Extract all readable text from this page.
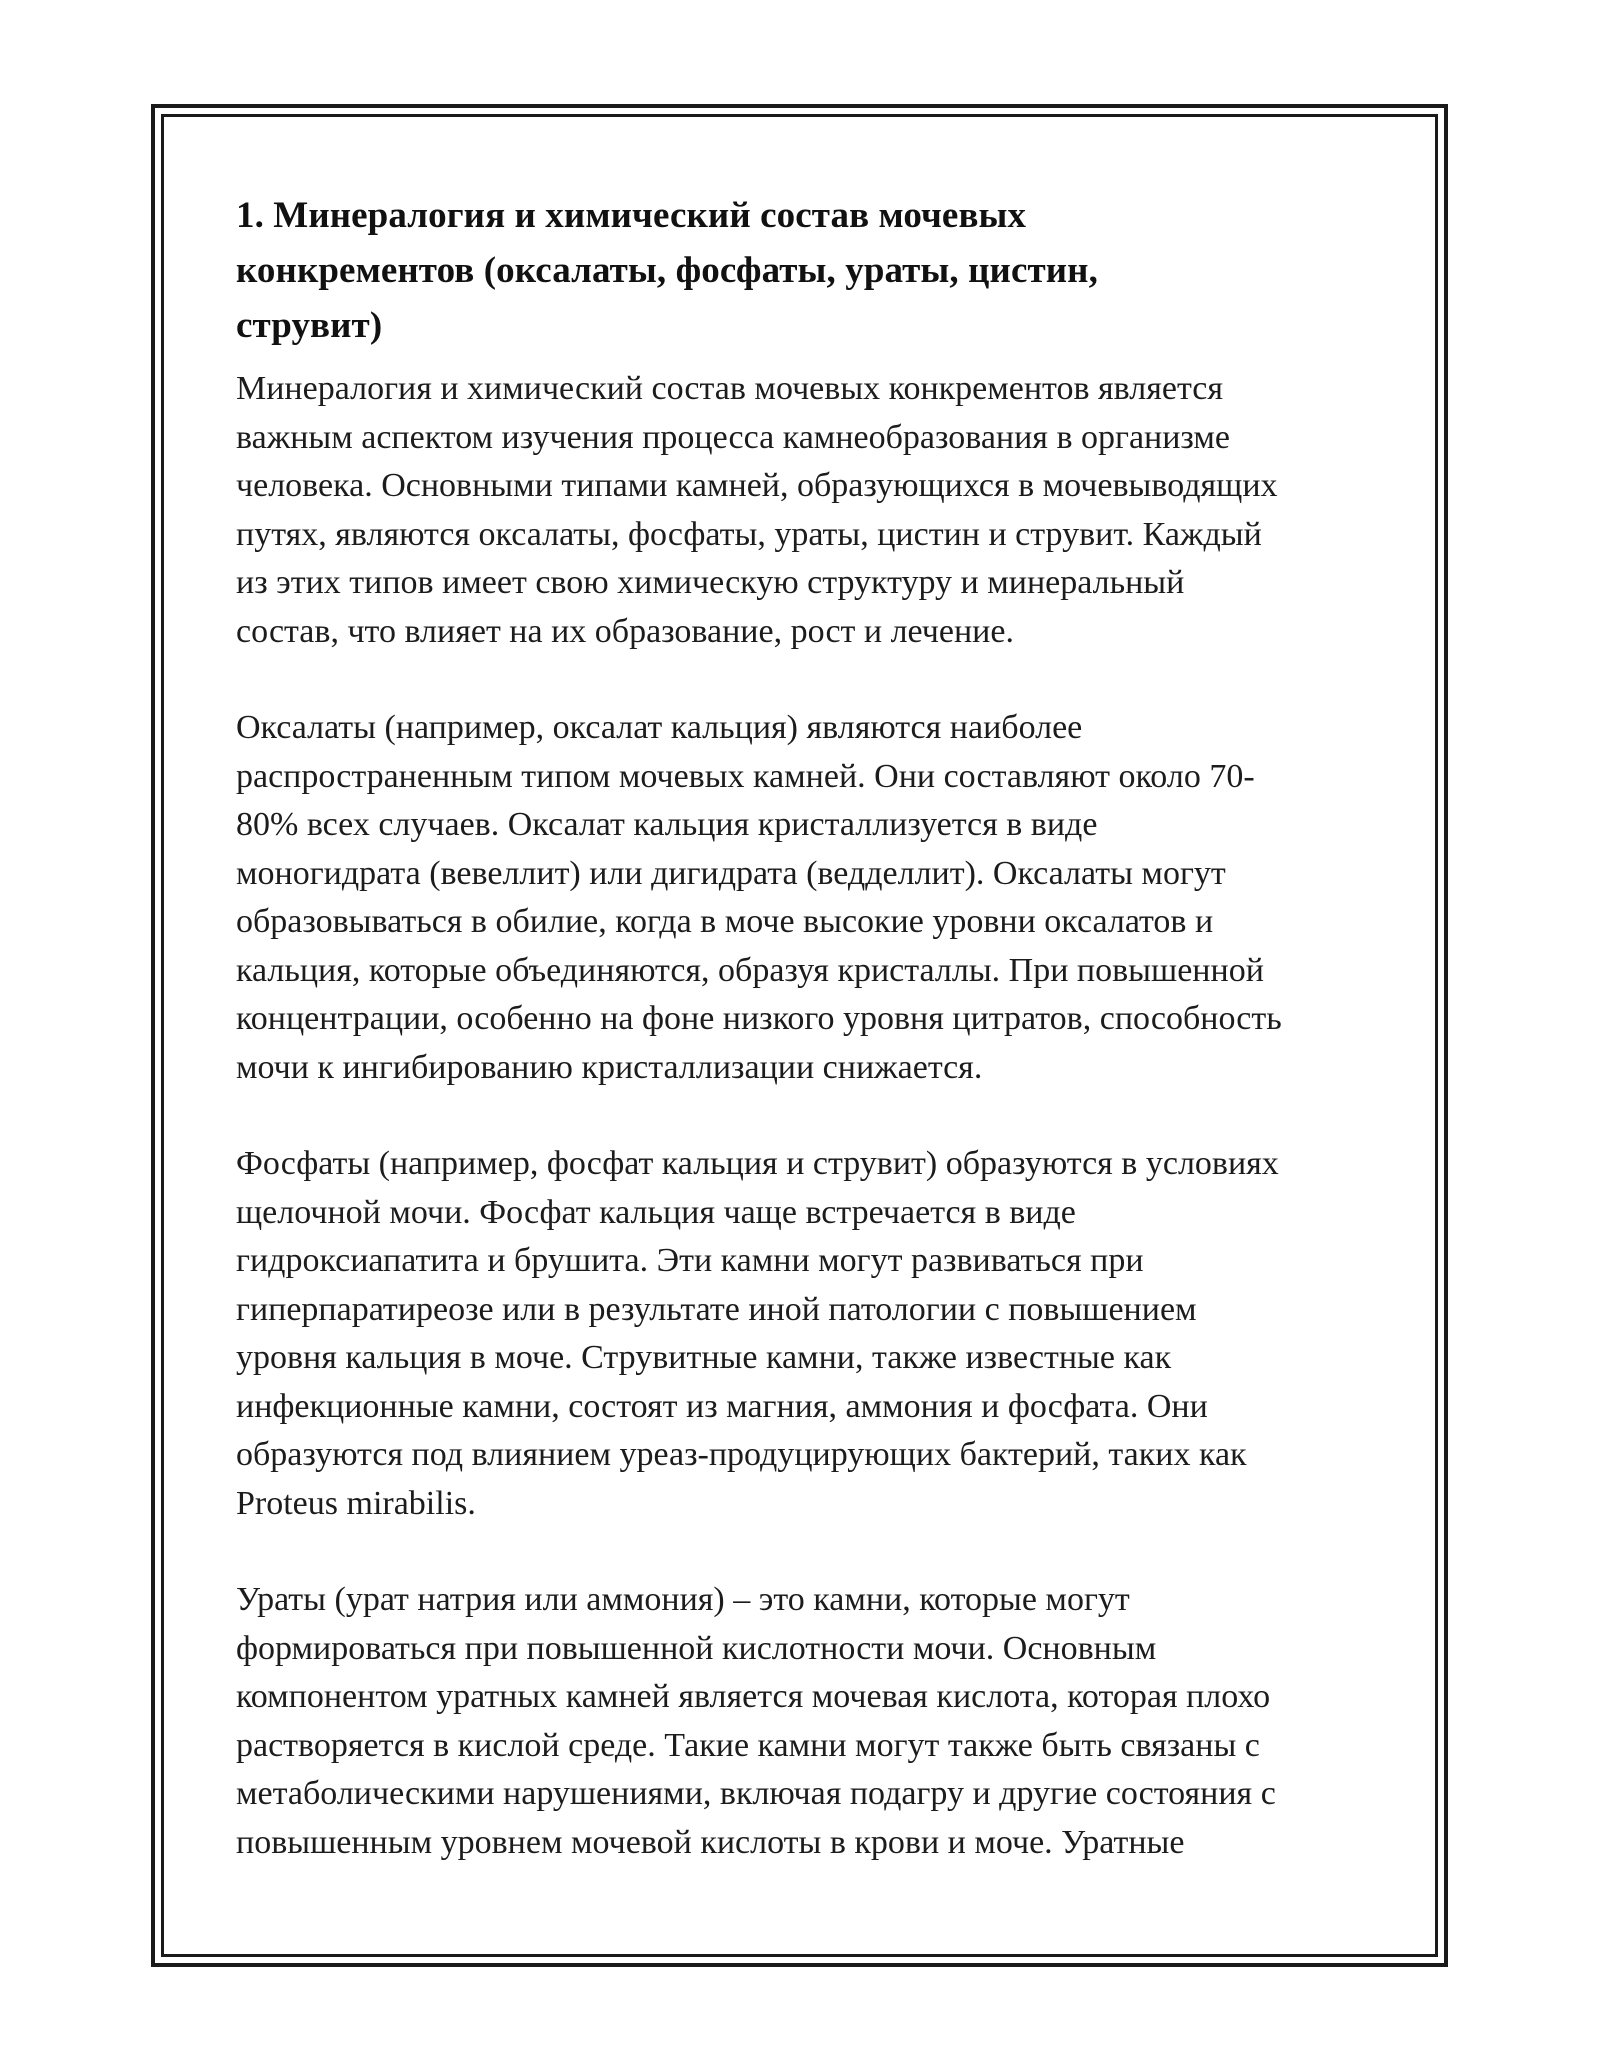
1. Минералогия и химический состав мочевых
конкрементов (оксалаты, фосфаты, ураты, цистин,
струвит)

Минералогия и химический состав мочевых конкрементов является
важным аспектом изучения процесса камнеобразования в организме
человека. Основными типами камней, образующихся в мочевыводящих
путях, являются оксалаты, фосфаты, ураты, цистин и струвит. Каждый
из этих типов имеет свою химическую структуру и минеральный
состав, что влияет на их образование, рост и лечение.

Оксалаты (например, оксалат кальция) являются наиболее
распространенным типом мочевых камней. Они составляют около 70-
80% всех случаев. Оксалат кальция кристаллизуется в виде
моногидрата (вевеллит) или дигидрата (ведделлит). Оксалаты могут
образовываться в обилие, когда в моче высокие уровни оксалатов и
кальция, которые объединяются, образуя кристаллы. При повышенной
концентрации, особенно на фоне низкого уровня цитратов, способность
мочи к ингибированию кристаллизации снижается.

Фосфаты (например, фосфат кальция и струвит) образуются в условиях
щелочной мочи. Фосфат кальция чаще встречается в виде
гидроксиапатита и брушита. Эти камни могут развиваться при
гиперпаратиреозе или в результате иной патологии с повышением
уровня кальция в моче. Струвитные камни, также известные как
инфекционные камни, состоят из магния, аммония и фосфата. Они
образуются под влиянием уреаз-продуцирующих бактерий, таких как
Proteus mirabilis.

Ураты (урат натрия или аммония) – это камни, которые могут
формироваться при повышенной кислотности мочи. Основным
компонентом уратных камней является мочевая кислота, которая плохо
растворяется в кислой среде. Такие камни могут также быть связаны с
метаболическими нарушениями, включая подагру и другие состояния с
повышенным уровнем мочевой кислоты в крови и моче. Уратные
